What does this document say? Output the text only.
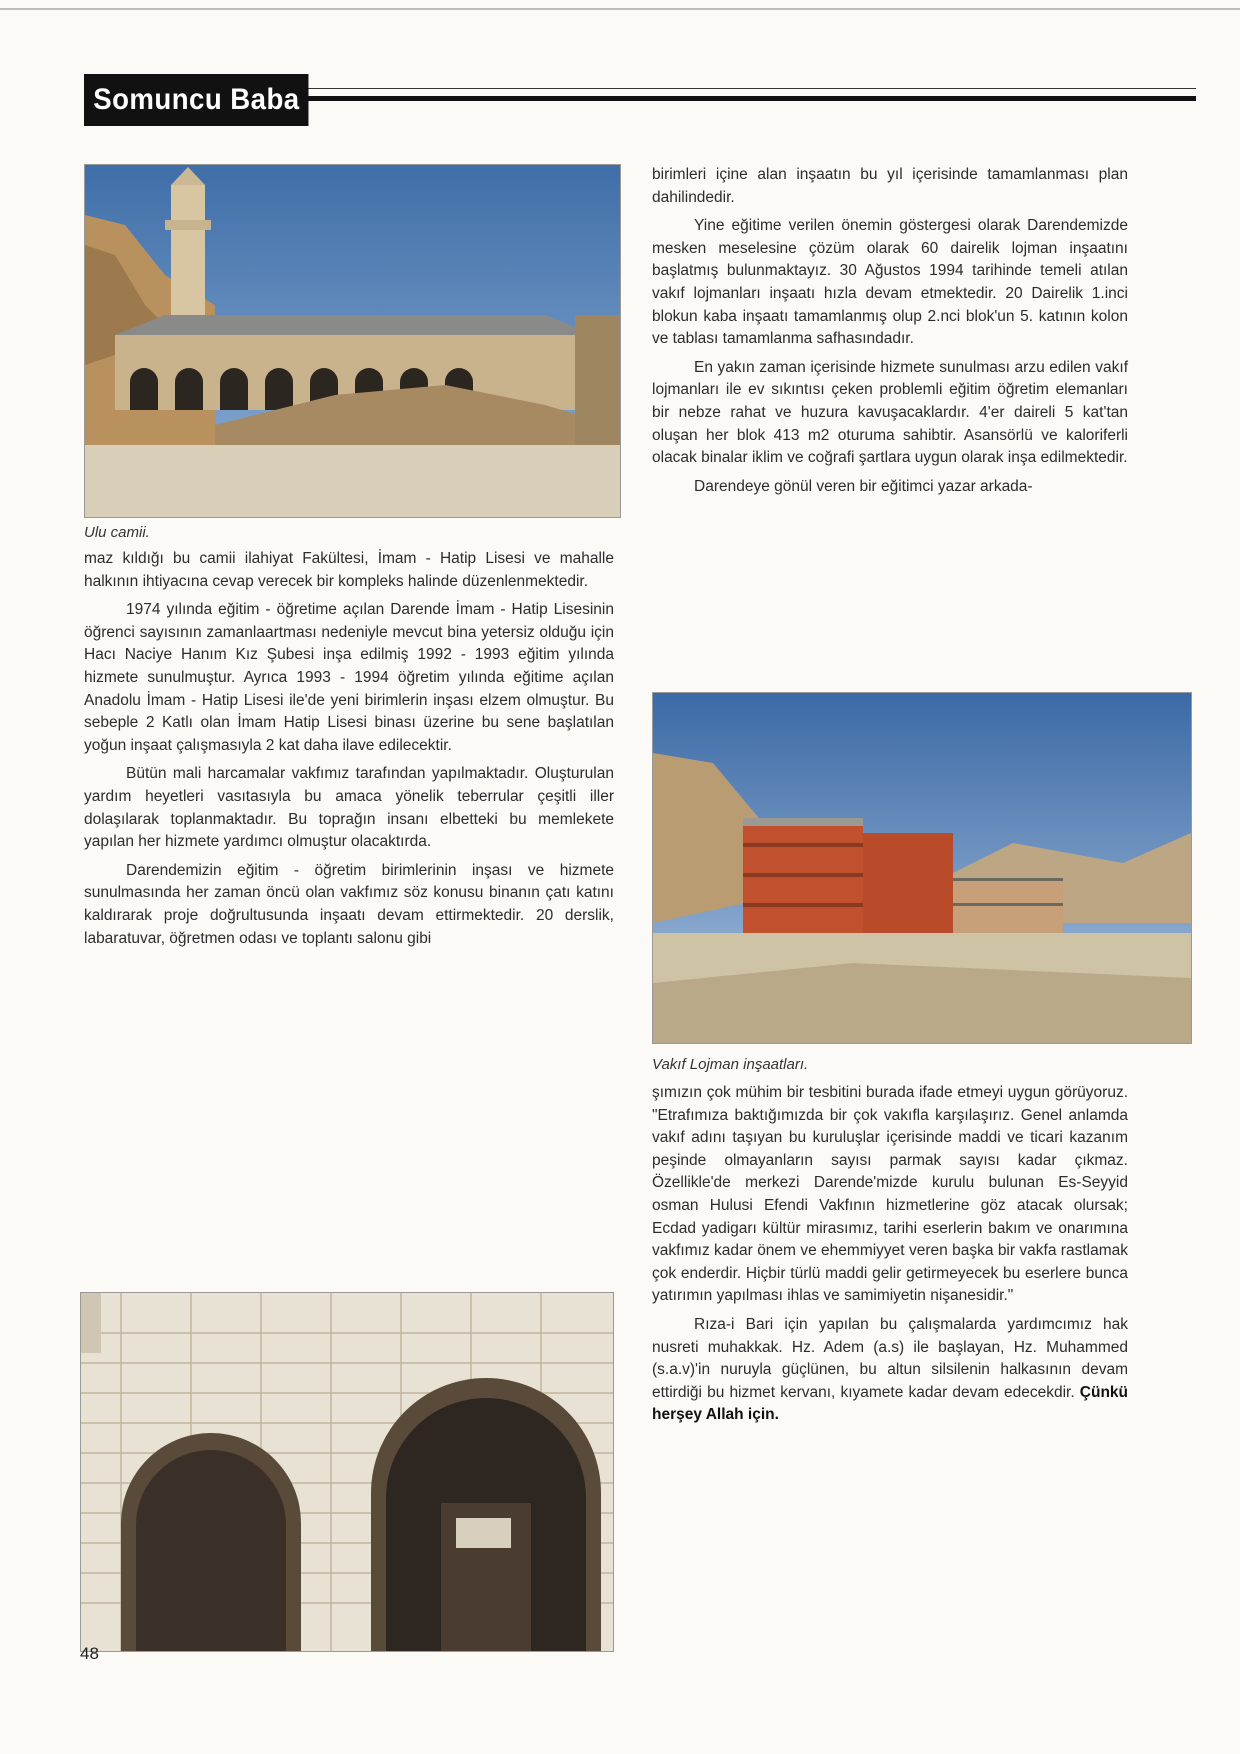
Somuncu Baba
Ulu camii.

maz kıldığı bu camii ilahiyat Fakültesi, İmam - Hatip Lisesi ve mahalle halkının ihtiyacına cevap verecek bir kompleks halinde düzenlenmektedir.

1974 yılında eğitim - öğretime açılan Darende İmam - Hatip Lisesinin öğrenci sayısının zamanlaartması nedeniyle mevcut bina yetersiz olduğu için Hacı Naciye Hanım Kız Şubesi inşa edilmiş 1992 - 1993 eğitim yılında hizmete sunulmuştur. Ayrıca 1993 - 1994 öğretim yılında eğitime açılan Anadolu İmam - Hatip Lisesi ile'de yeni birimlerin inşası elzem olmuştur. Bu sebeple 2 Katlı olan İmam Hatip Lisesi binası üzerine bu sene başlatılan yoğun inşaat çalışmasıyla 2 kat daha ilave edilecektir.

Bütün mali harcamalar vakfımız tarafından yapılmaktadır. Oluşturulan yardım heyetleri vasıtasıyla bu amaca yönelik teberrular çeşitli iller dolaşılarak toplanmaktadır. Bu toprağın insanı elbetteki bu memlekete yapılan her hizmete yardımcı olmuştur olacaktırda.

Darendemizin eğitim - öğretim birimlerinin inşası ve hizmete sunulmasında her zaman öncü olan vakfımız söz konusu binanın çatı katını kaldırarak proje doğrultusunda inşaatı devam ettirmektedir. 20 derslik, labaratuvar, öğretmen odası ve toplantı salonu gibi

birimleri içine alan inşaatın bu yıl içerisinde tamamlanması plan dahilindedir.

Yine eğitime verilen önemin göstergesi olarak Darendemizde mesken meselesine çözüm olarak 60 dairelik lojman inşaatını başlatmış bulunmaktayız. 30 Ağustos 1994 tarihinde temeli atılan vakıf lojmanları inşaatı hızla devam etmektedir. 20 Dairelik 1.inci blokun kaba inşaatı tamamlanmış olup 2.nci blok'un 5. katının kolon ve tablası tamamlanma safhasındadır.

En yakın zaman içerisinde hizmete sunulması arzu edilen vakıf lojmanları ile ev sıkıntısı çeken problemli eğitim öğretim elemanları bir nebze rahat ve huzura kavuşacaklardır. 4'er daireli 5 kat'tan oluşan her blok 413 m2 oturuma sahibtir. Asansörlü ve kaloriferli olacak binalar iklim ve coğrafi şartlara uygun olarak inşa edilmektedir.

Darendeye gönül veren bir eğitimci yazar arkada-

Vakıf Lojman inşaatları.

şımızın çok mühim bir tesbitini burada ifade etmeyi uygun görüyoruz. "Etrafımıza baktığımızda bir çok vakıfla karşılaşırız. Genel anlamda vakıf adını taşıyan bu kuruluşlar içerisinde maddi ve ticari kazanım peşinde olmayanların sayısı parmak sayısı kadar çıkmaz. Özellikle'de merkezi Darende'mizde kurulu bulunan Es-Seyyid osman Hulusi Efendi Vakfının hizmetlerine göz atacak olursak; Ecdad yadigarı kültür mirasımız, tarihi eserlerin bakım ve onarımına vakfımız kadar önem ve ehemmiyyet veren başka bir vakfa rastlamak çok enderdir. Hiçbir türlü maddi gelir getirmeyecek bu eserlere bunca yatırımın yapılması ihlas ve samimiyetin nişanesidir."

Rıza-i Bari için yapılan bu çalışmalarda yardımcımız hak nusreti muhakkak. Hz. Adem (a.s) ile başlayan, Hz. Muhammed (s.a.v)'in nuruyla güçlünen, bu altun silsilenin halkasının devam ettirdiği bu hizmet kervanı, kıyamete kadar devam edecekdir. Çünkü herşey Allah için.

48
